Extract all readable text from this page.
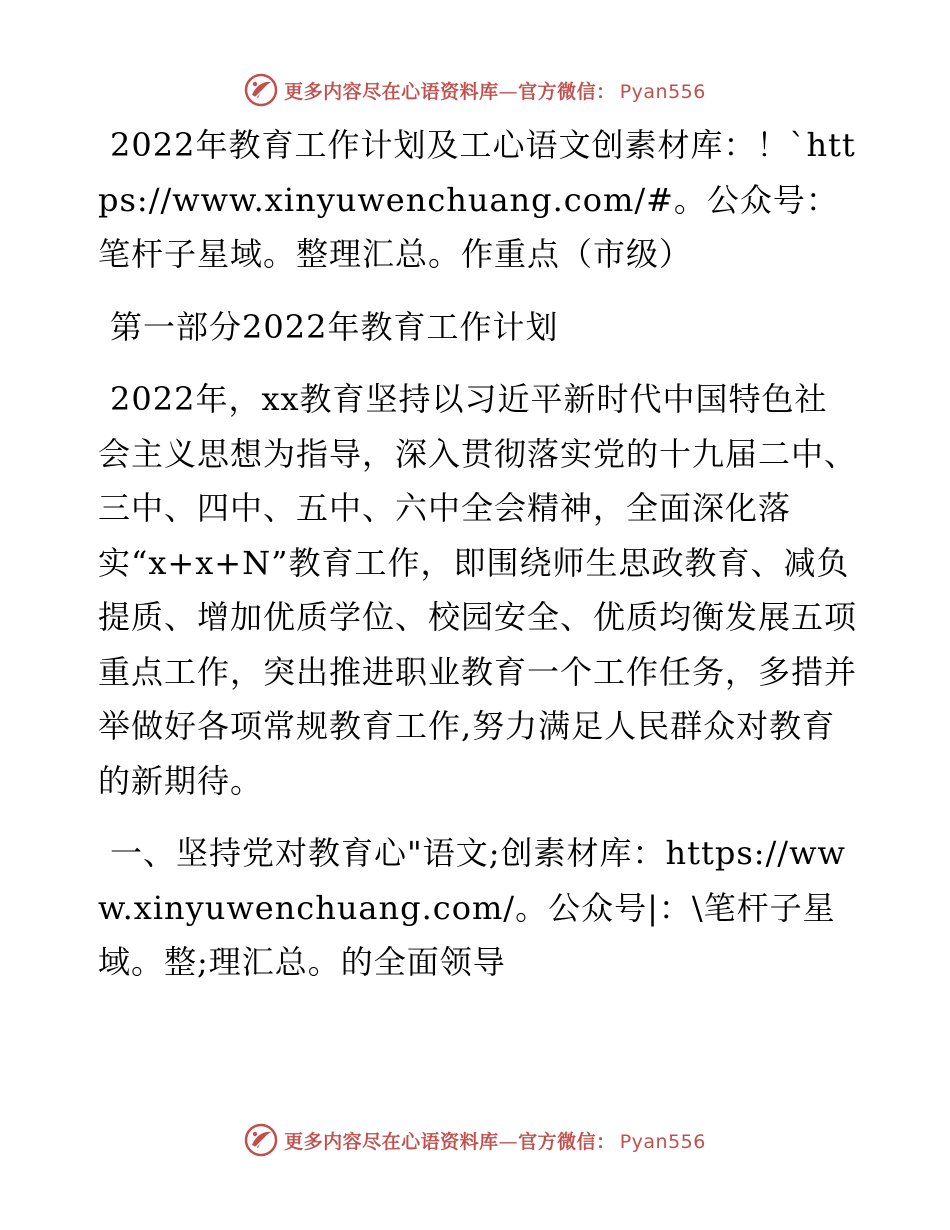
更多内容尽在心语资料库—官方微信： Pyan556

2022年教育工作计划及工心语文创素材库：！`https://www.xinyuwenchuang.com/#。公众号：笔杆子星域。整理汇总。作重点（市级）

第一部分2022年教育工作计划

2022年，xx教育坚持以习近平新时代中国特色社会主义思想为指导，深入贯彻落实党的十九届二中、三中、四中、五中、六中全会精神，全面深化落实“x+x+N”教育工作，即围绕师生思政教育、减负提质、增加优质学位、校园安全、优质均衡发展五项重点工作，突出推进职业教育一个工作任务，多措并举做好各项常规教育工作,努力满足人民群众对教育的新期待。

一、坚持党对教育心"语文;创素材库：https://www.xinyuwenchuang.com/。公众号|：\笔杆子星域。整;理汇总。的全面领导

更多内容尽在心语资料库—官方微信： Pyan556
